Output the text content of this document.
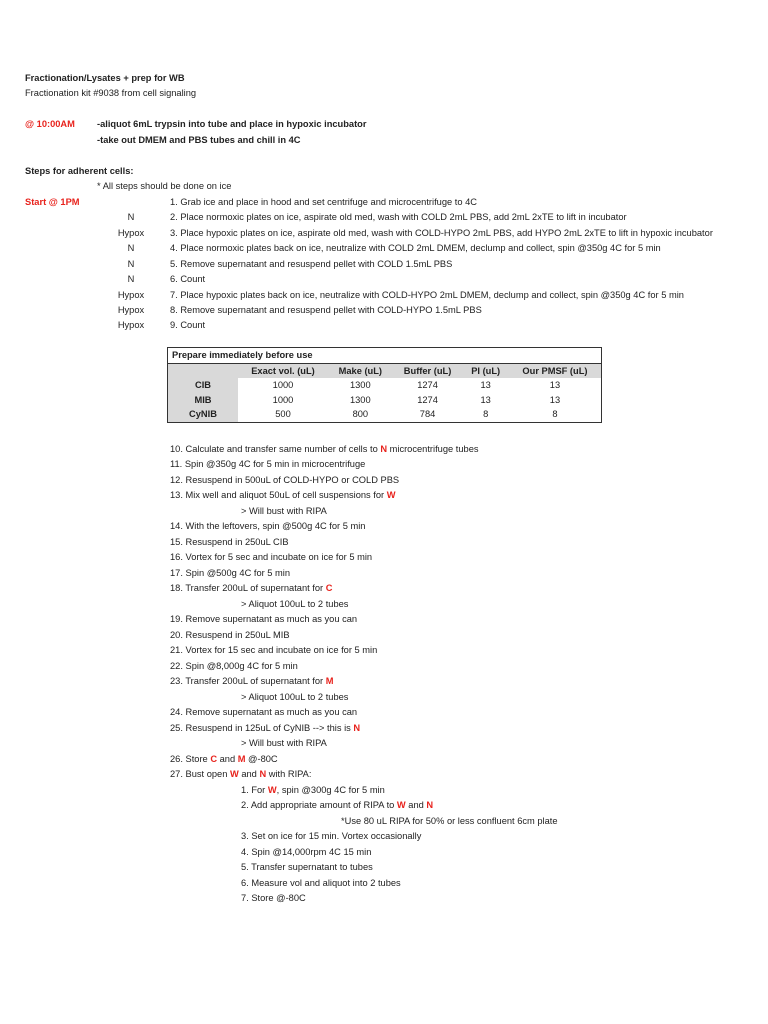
Fractionation/Lysates + prep for WB
Fractionation kit #9038 from cell signaling
@ 10:00AM -aliquot 6mL trypsin into tube and place in hypoxic incubator
-take out DMEM and PBS tubes and chill in 4C
Steps for adherent cells:
* All steps should be done on ice
Start @ 1PM	1. Grab ice and place in hood and set centrifuge and microcentrifuge to 4C
N	2. Place normoxic plates on ice, aspirate old med, wash with COLD 2mL PBS, add 2mL 2xTE to lift in incubator
Hypox	3. Place hypoxic plates on ice, aspirate old med, wash with COLD-HYPO 2mL PBS, add HYPO 2mL 2xTE to lift in hypoxic incubator
N	4. Place normoxic plates back on ice, neutralize with COLD 2mL DMEM, declump and collect, spin @350g 4C for 5 min
N	5. Remove supernatant and resuspend pellet with COLD 1.5mL PBS
N	6. Count
Hypox	7. Place hypoxic plates back on ice, neutralize with COLD-HYPO 2mL DMEM, declump and collect, spin @350g 4C for 5 min
Hypox	8. Remove supernatant and resuspend pellet with COLD-HYPO 1.5mL PBS
Hypox	9. Count
Prepare immediately before use					
	Exact vol. (uL)	Make (uL)	Buffer (uL)	PI (uL)	Our PMSF (uL)
CIB	1000	1300	1274	13	13
MIB	1000	1300	1274	13	13
CyNIB	500	800	784	8	8
10. Calculate and transfer same number of cells to N microcentrifuge tubes
11. Spin @350g 4C for 5 min in microcentrifuge
12. Resuspend in 500uL of COLD-HYPO or COLD PBS
13. Mix well and aliquot 50uL of cell suspensions for W
> Will bust with RIPA
14. With the leftovers, spin @500g 4C for 5 min
15. Resuspend in 250uL CIB
16. Vortex for 5 sec and incubate on ice for 5 min
17. Spin @500g 4C for 5 min
18. Transfer 200uL of supernatant for C
> Aliquot 100uL to 2 tubes
19. Remove supernatant as much as you can
20. Resuspend in 250uL MIB
21. Vortex for 15 sec and incubate on ice for 5 min
22. Spin @8,000g 4C for 5 min
23. Transfer 200uL of supernatant for M
> Aliquot 100uL to 2 tubes
24. Remove supernatant as much as you can
25. Resuspend in 125uL of CyNIB --> this is N
> Will bust with RIPA
26. Store C and M @-80C
27. Bust open W and N with RIPA:
1. For W, spin @300g 4C for 5 min
2. Add appropriate amount of RIPA to W and N
*Use 80 uL RIPA for 50% or less confluent 6cm plate
3. Set on ice for 15 min. Vortex occasionally
4. Spin @14,000rpm 4C 15 min
5. Transfer supernatant to tubes
6. Measure vol and aliquot into 2 tubes
7. Store @-80C
